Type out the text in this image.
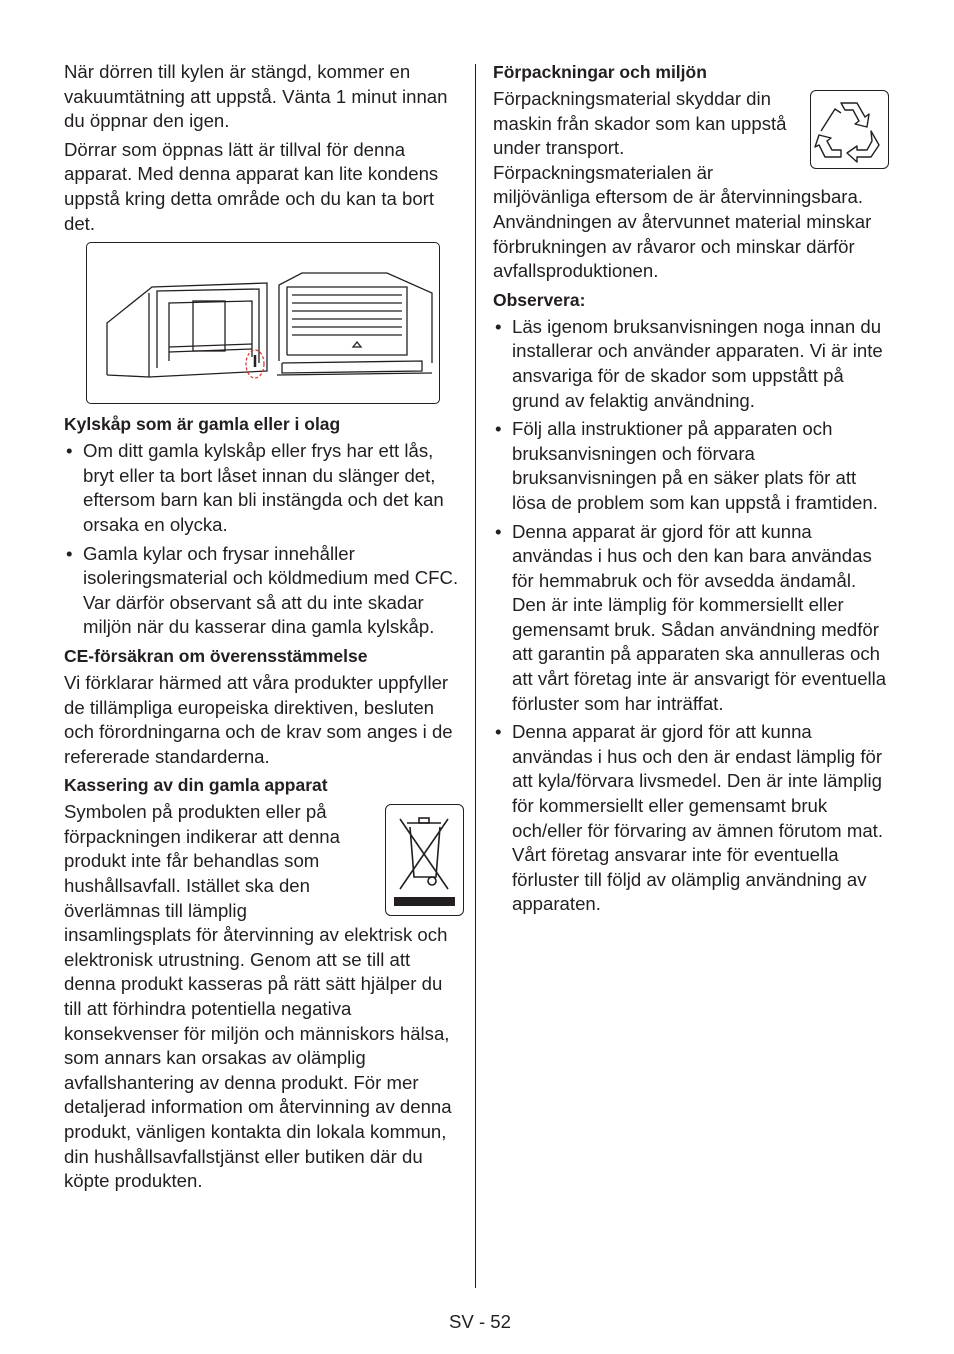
När dörren till kylen är stängd, kommer en vakuumtätning att uppstå. Vänta 1 minut innan du öppnar den igen.

Dörrar som öppnas lätt är tillval för denna apparat. Med denna apparat kan lite kondens uppstå kring detta område och du kan ta bort det.

Kylskåp som är gamla eller i olag
• Om ditt gamla kylskåp eller frys har ett lås, bryt eller ta bort låset innan du slänger det, eftersom barn kan bli instängda och det kan orsaka en olycka.
• Gamla kylar och frysar innehåller isoleringsmaterial och köldmedium med CFC. Var därför observant så att du inte skadar miljön när du kasserar dina gamla kylskåp.
CE-försäkran om överensstämmelse

Vi förklarar härmed att våra produkter uppfyller de tillämpliga europeiska direktiven, besluten och förordningarna och de krav som anges i de refererade standarderna.

Kassering av din gamla apparat

Symbolen på produkten eller på förpackningen indikerar att denna produkt inte får behandlas som hushållsavfall. Istället ska den överlämnas till lämplig insamlingsplats för återvinning av elektrisk och elektronisk utrustning. Genom att se till att denna produkt kasseras på rätt sätt hjälper du till att förhindra potentiella negativa konsekvenser för miljön och människors hälsa, som annars kan orsakas av olämplig avfallshantering av denna produkt. För mer detaljerad information om återvinning av denna produkt, vänligen kontakta din lokala kommun, din hushållsavfallstjänst eller butiken där du köpte produkten.

Förpackningar och miljön

Förpackningsmaterial skyddar din maskin från skador som kan uppstå under transport. Förpackningsmaterialen är miljövänliga eftersom de är återvinningsbara. Användningen av återvunnet material minskar förbrukningen av råvaror och minskar därför avfallsproduktionen.

Observera:
• Läs igenom bruksanvisningen noga innan du installerar och använder apparaten. Vi är inte ansvariga för de skador som uppstått på grund av felaktig användning.
• Följ alla instruktioner på apparaten och bruksanvisningen och förvara bruksanvisningen på en säker plats för att lösa de problem som kan uppstå i framtiden.
• Denna apparat är gjord för att kunna användas i hus och den kan bara användas för hemmabruk och för avsedda ändamål. Den är inte lämplig för kommersiellt eller gemensamt bruk. Sådan användning medför att garantin på apparaten ska annulleras och att vårt företag inte är ansvarigt för eventuella förluster som har inträffat.
• Denna apparat är gjord för att kunna användas i hus och den är endast lämplig för att kyla/förvara livsmedel. Den är inte lämplig för kommersiellt eller gemensamt bruk och/eller för förvaring av ämnen förutom mat. Vårt företag ansvarar inte för eventuella förluster till följd av olämplig användning av apparaten.
SV - 52
